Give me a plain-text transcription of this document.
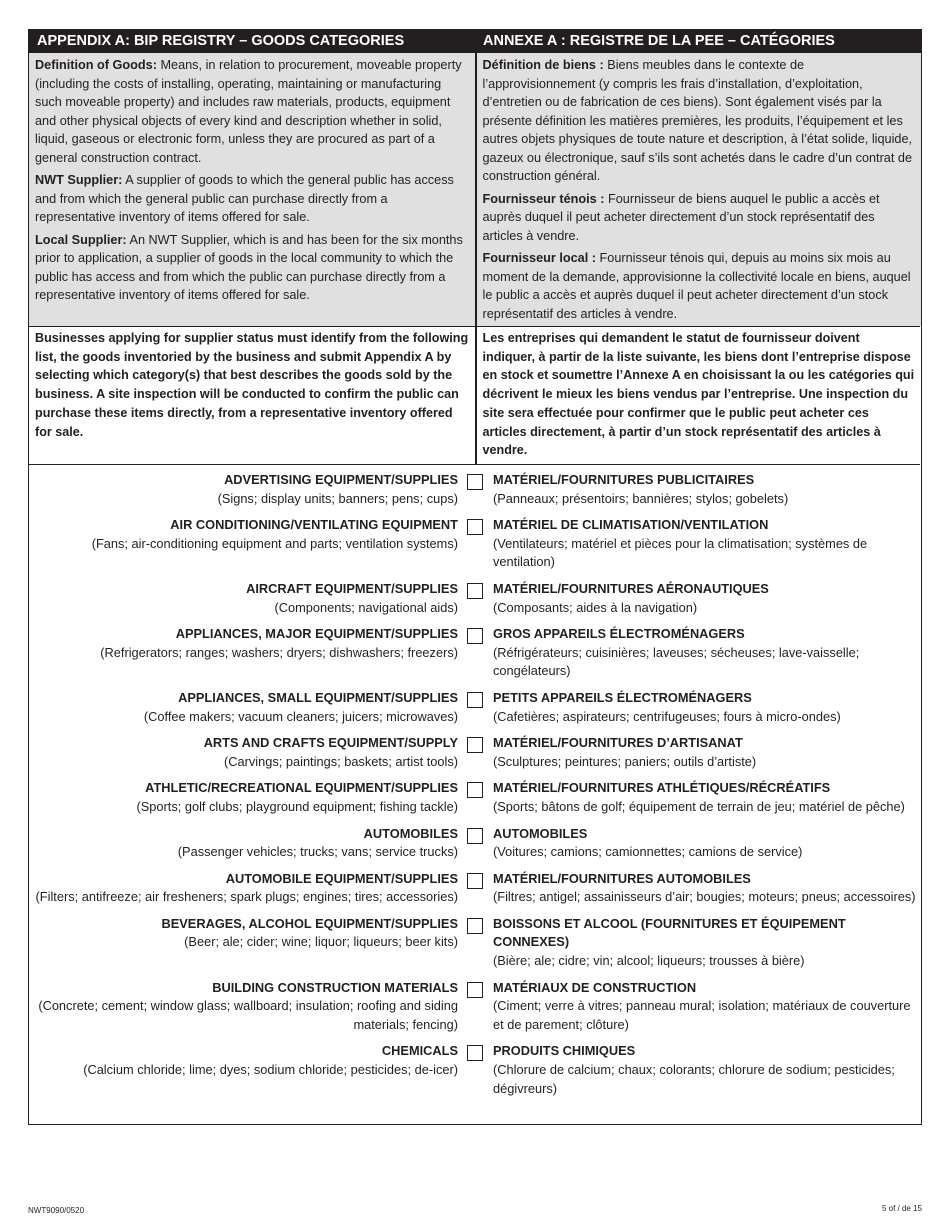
APPENDIX A: BIP REGISTRY – GOODS CATEGORIES	ANNEXE A : REGISTRE DE LA PEE – CATÉGORIES

Definition of Goods: Means, in relation to procurement, moveable property (including the costs of installing, operating, maintaining or manufacturing such moveable property) and includes raw materials, products, equipment and other physical objects of every kind and description whether in solid, liquid, gaseous or electronic form, unless they are procured as part of a general construction contract.

NWT Supplier: A supplier of goods to which the general public has access and from which the general public can purchase directly from a representative inventory of items offered for sale.

Local Supplier: An NWT Supplier, which is and has been for the six months prior to application, a supplier of goods in the local community to which the public has access and from which the public can purchase directly from a representative inventory of items offered for sale.

Définition de biens : Biens meubles dans le contexte de l’approvisionnement (y compris les frais d’installation, d’exploitation, d’entretien ou de fabrication de ces biens). Sont également visés par la présente définition les matières premières, les produits, l’équipement et les autres objets physiques de toute nature et description, à l’état solide, liquide, gazeux ou électronique, sauf s’ils sont achetés dans le cadre d’un contrat de construction général.

Fournisseur ténois : Fournisseur de biens auquel le public a accès et auprès duquel il peut acheter directement d’un stock représentatif des articles à vendre.

Fournisseur local : Fournisseur ténois qui, depuis au moins six mois au moment de la demande, approvisionne la collectivité locale en biens, auquel le public a accès et auprès duquel il peut acheter directement d’un stock représentatif des articles à vendre.

Businesses applying for supplier status must identify from the following list, the goods inventoried by the business and submit Appendix A by selecting which category(s) that best describes the goods sold by the business. A site inspection will be conducted to confirm the public can purchase these items directly, from a representative inventory offered for sale.
Les entreprises qui demandent le statut de fournisseur doivent indiquer, à partir de la liste suivante, les biens dont l’entreprise dispose en stock et soumettre l’Annexe A en choisissant la ou les catégories qui décrivent le mieux les biens vendus par l’entreprise. Une inspection du site sera effectuée pour confirmer que le public peut acheter ces articles directement, à partir d’un stock représentatif des articles à vendre.
ADVERTISING EQUIPMENT/SUPPLIES
(Signs; display units; banners; pens; cups)
MATÉRIEL/FOURNITURES PUBLICITAIRES
(Panneaux; présentoirs; bannières; stylos; gobelets)
AIR CONDITIONING/VENTILATING EQUIPMENT
(Fans; air-conditioning equipment and parts; ventilation systems)
MATÉRIEL DE CLIMATISATION/VENTILATION
(Ventilateurs; matériel et pièces pour la climatisation; systèmes de ventilation)
AIRCRAFT EQUIPMENT/SUPPLIES
(Components; navigational aids)
MATÉRIEL/FOURNITURES AÉRONAUTIQUES
(Composants; aides à la navigation)
APPLIANCES, MAJOR EQUIPMENT/SUPPLIES
(Refrigerators; ranges; washers; dryers; dishwashers; freezers)
GROS APPAREILS ÉLECTROMÉNAGERS
(Réfrigérateurs; cuisinières; laveuses; sécheuses; lave-vaisselle; congélateurs)
APPLIANCES, SMALL EQUIPMENT/SUPPLIES
(Coffee makers; vacuum cleaners; juicers; microwaves)
PETITS APPAREILS ÉLECTROMÉNAGERS
(Cafetières; aspirateurs; centrifugeuses; fours à micro-ondes)
ARTS AND CRAFTS EQUIPMENT/SUPPLY
(Carvings; paintings; baskets; artist tools)
MATÉRIEL/FOURNITURES D’ARTISANAT
(Sculptures; peintures; paniers; outils d’artiste)
ATHLETIC/RECREATIONAL EQUIPMENT/SUPPLIES
(Sports; golf clubs; playground equipment; fishing tackle)
MATÉRIEL/FOURNITURES ATHLÉTIQUES/RÉCRÉATIFS
(Sports; bâtons de golf; équipement de terrain de jeu; matériel de pêche)
AUTOMOBILES
(Passenger vehicles; trucks; vans; service trucks)
AUTOMOBILES
(Voitures; camions; camionnettes; camions de service)
AUTOMOBILE EQUIPMENT/SUPPLIES
(Filters; antifreeze; air fresheners; spark plugs; engines; tires; accessories)
MATÉRIEL/FOURNITURES AUTOMOBILES
(Filtres; antigel; assainisseurs d’air; bougies; moteurs; pneus; accessoires)
BEVERAGES, ALCOHOL EQUIPMENT/SUPPLIES
(Beer; ale; cider; wine; liquor; liqueurs; beer kits)
BOISSONS ET ALCOOL (FOURNITURES ET ÉQUIPEMENT CONNEXES)
(Bière; ale; cidre; vin; alcool; liqueurs; trousses à bière)
BUILDING CONSTRUCTION MATERIALS
(Concrete; cement; window glass; wallboard; insulation; roofing and siding materials; fencing)
MATÉRIAUX DE CONSTRUCTION
(Ciment; verre à vitres; panneau mural; isolation; matériaux de couverture et de parement; clôture)
CHEMICALS
(Calcium chloride; lime; dyes; sodium chloride; pesticides; de-icer)
PRODUITS CHIMIQUES
(Chlorure de calcium; chaux; colorants; chlorure de sodium; pesticides; dégivreurs)
NWT9090/0520	5 of / de 15
